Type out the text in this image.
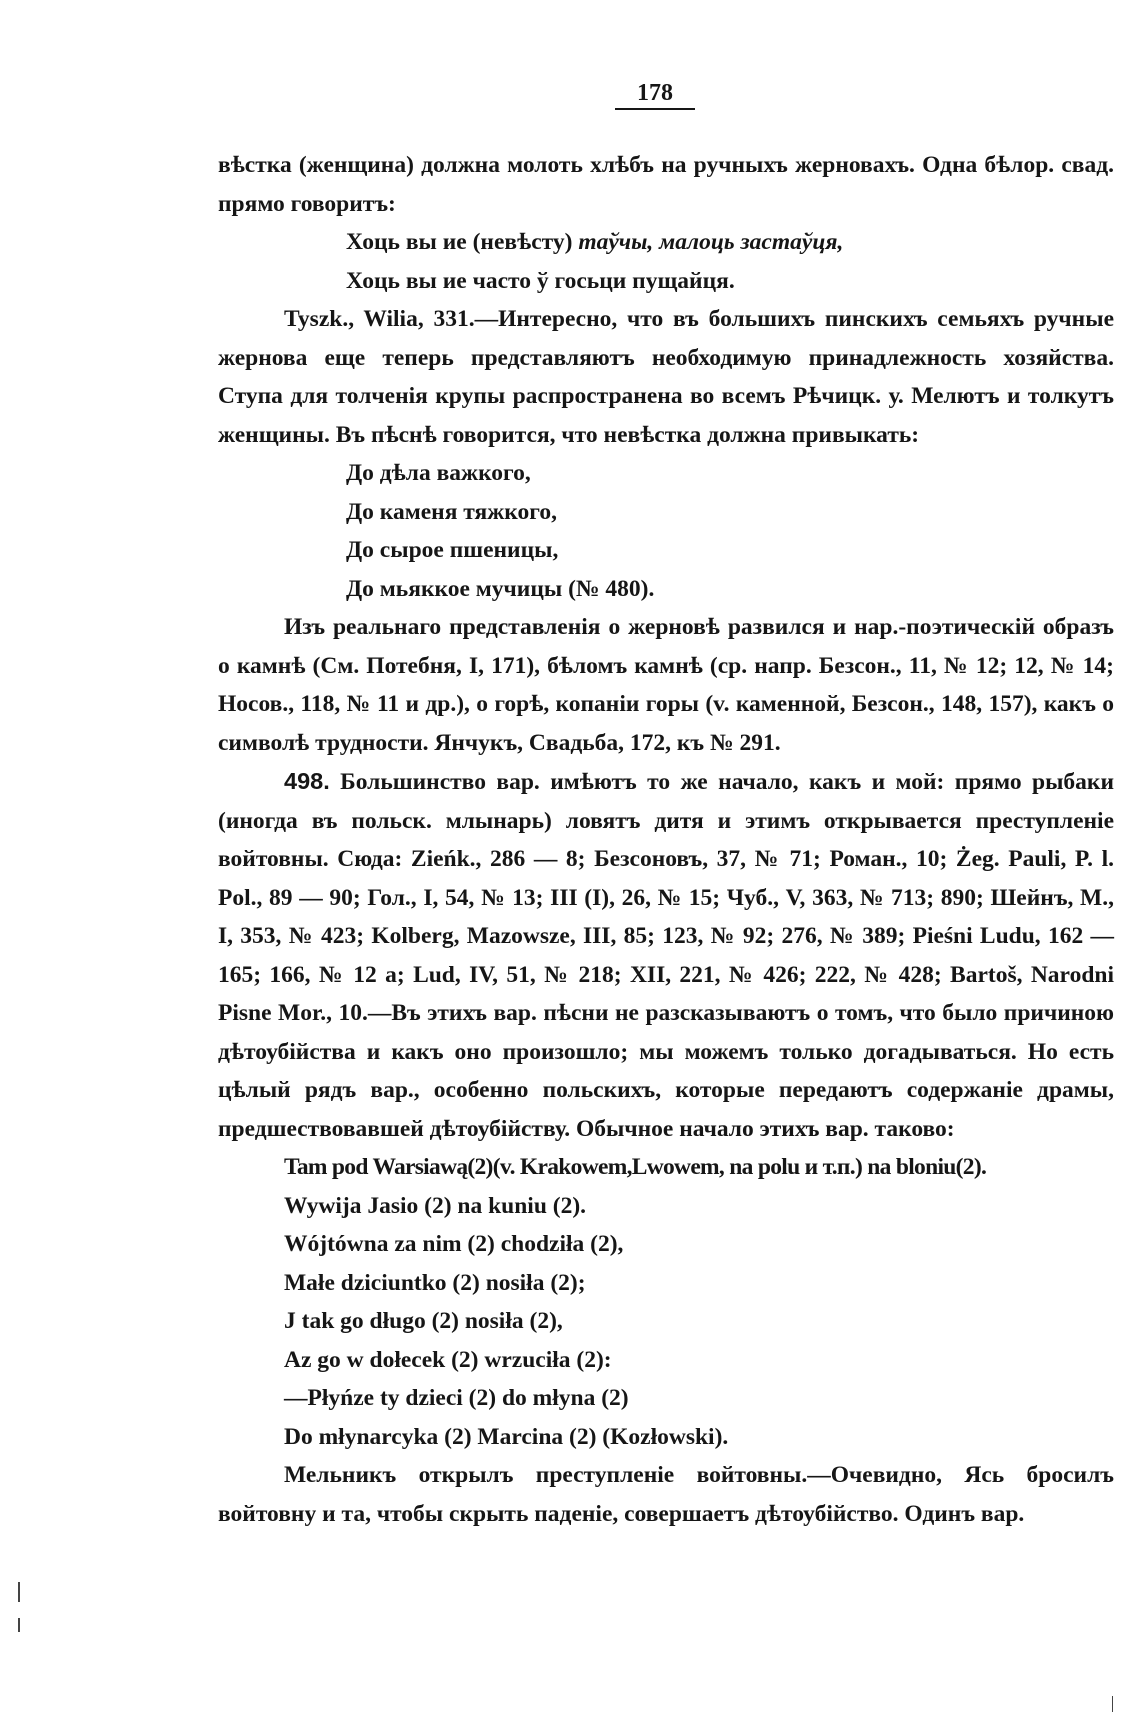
178

вѣстка (женщина) должна молоть хлѣбъ на ручныхъ жерновахъ. Одна бѣлор. свад. прямо говоритъ:

Хоць вы ие (невѣсту) таўчы, малоць застаўця,
Хоць вы ие часто ў госьци пущайця.

Tyszk., Wilia, 331.—Интересно, что въ большихъ пинскихъ семьяхъ ручные жернова еще теперь представляютъ необходимую принадлежность хозяйства. Ступа для толченія крупы распространена во всемъ Рѣчицк. у. Мелютъ и толкутъ женщины. Въ пѣснѣ говорится, что невѣстка должна привыкать:

До дѣла важкого,
До каменя тяжкого,
До сырое пшеницы,
До мьяккое мучицы (№ 480).

Изъ реальнаго представленія о жерновѣ развился и нар.-поэтическій образъ о камнѣ (См. Потебня, I, 171), бѣломъ камнѣ (ср. напр. Безсон., 11, № 12; 12, № 14; Носов., 118, № 11 и др.), о горѣ, копаніи горы (v. каменной, Безсон., 148, 157), какъ о символѣ трудности. Янчукъ, Свадьба, 172, къ № 291.

498. Большинство вар. имѣютъ то же начало, какъ и мой: прямо рыбаки (иногда въ польск. млынарь) ловятъ дитя и этимъ открывается преступленіе войтовны. Сюда: Zieńk., 286 — 8; Безсоновъ, 37, № 71; Роман., 10; Żeg. Pauli, P. l. Pol., 89 — 90; Гол., I, 54, № 13; III (I), 26, № 15; Чуб., V, 363, № 713; 890; Шейнъ, М., I, 353, № 423; Kolberg, Mazowsze, III, 85; 123, № 92; 276, № 389; Pieśni Ludu, 162 — 165; 166, № 12 а; Lud, IV, 51, № 218; XII, 221, № 426; 222, № 428; Bartoš, Narodni Pisne Mor., 10.—Въ этихъ вар. пѣсни не разсказываютъ о томъ, что было причиною дѣтоубійства и какъ оно произошло; мы можемъ только догадываться. Но есть цѣлый рядъ вар., особенно польскихъ, которые передаютъ содержаніе драмы, предшествовавшей дѣтоубійству. Обычное начало этихъ вар. таково:

Tam pod Warsiawą(2)(v. Krakowem,Lwowem, na polu и т.п.) na bloniu(2).
Wywija Jasio (2) na kuniu (2).
Wójtówna za nim (2) chodziła (2),
Małe dziciuntko (2) nosiła (2);
J tak go długo (2) nosiła (2),
Az go w dołecek (2) wrzuciła (2):
—Płyńze ty dzieci (2) do młyna (2)
Do młynarcyka (2) Marcina (2) (Kozłowski).

Мельникъ открылъ преступленіе войтовны.—Очевидно, Ясь бросилъ войтовну и та, чтобы скрыть паденіе, совершаетъ дѣтоубійство. Одинъ вар.
